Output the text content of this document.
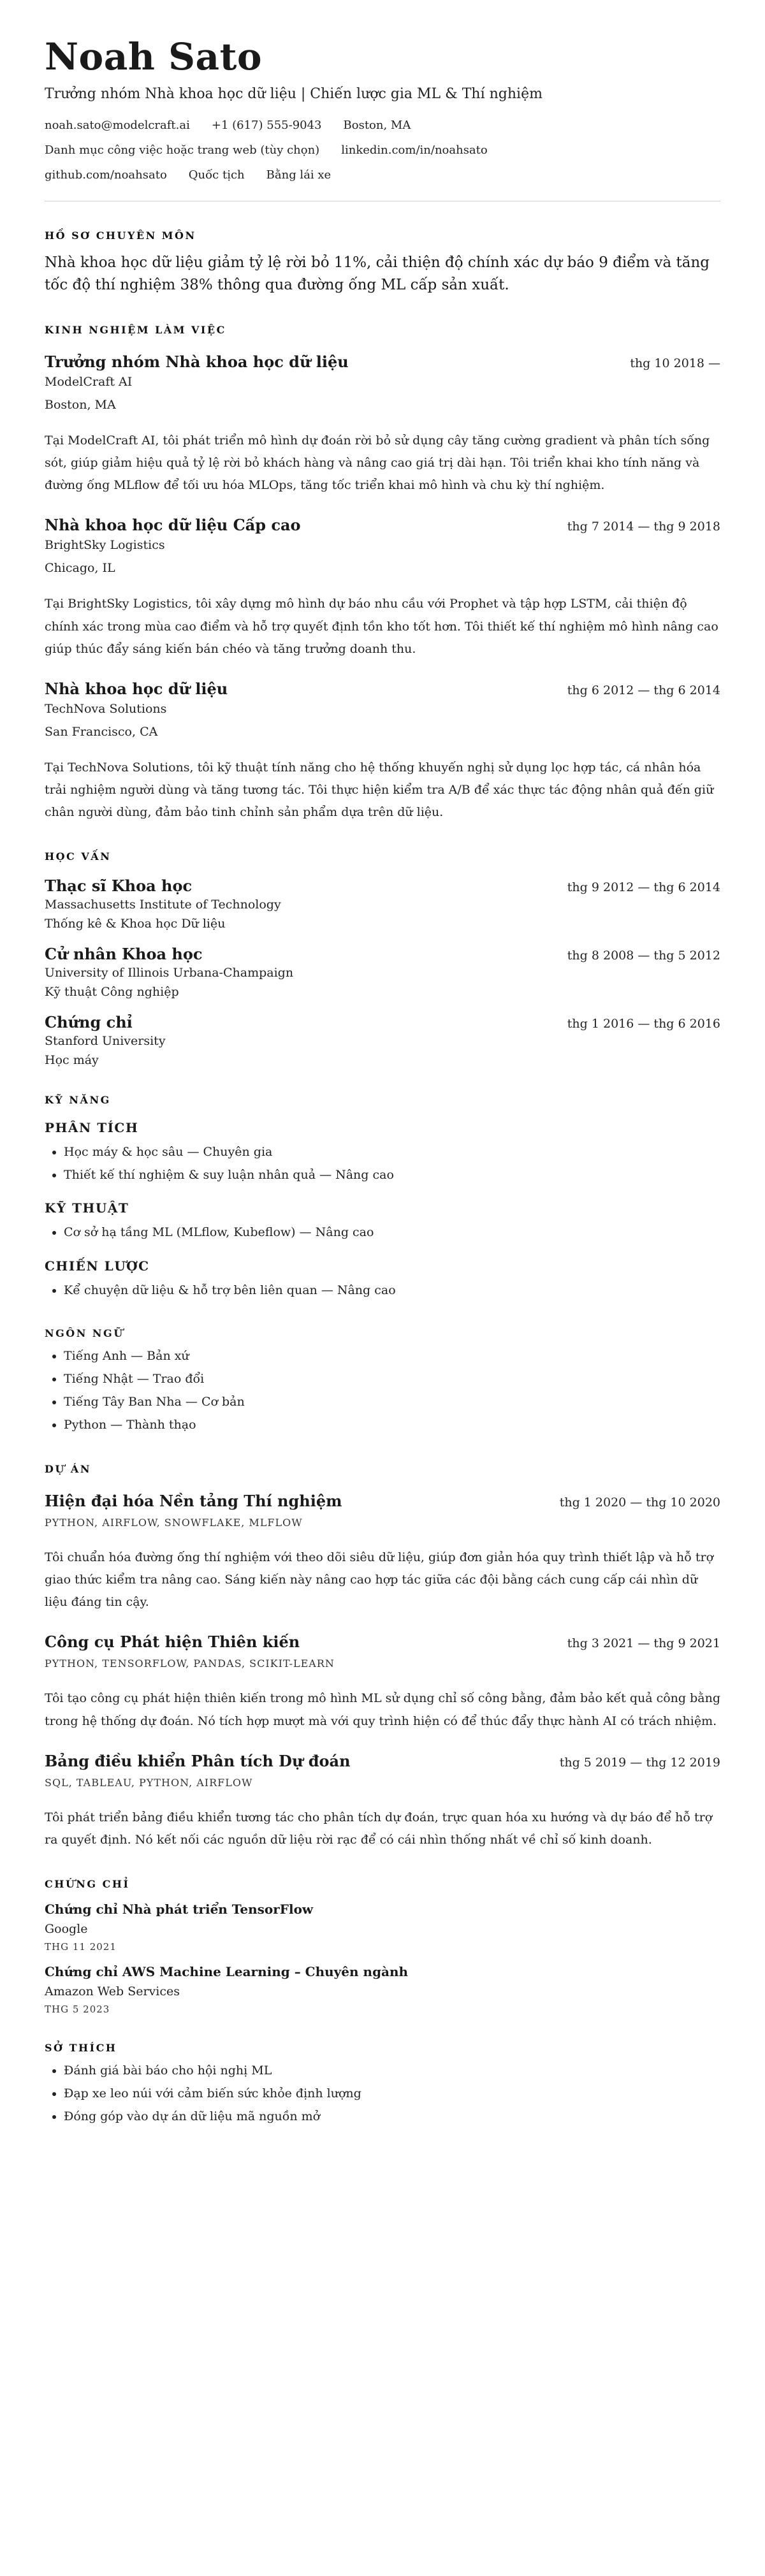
Noah Sato
Trưởng nhóm Nhà khoa học dữ liệu | Chiến lược gia ML & Thí nghiệm
noah.sato@modelcraft.ai +1 (617) 555-9043 Boston, MA
Danh mục công việc hoặc trang web (tùy chọn) linkedin.com/in/noahsato
github.com/noahsato Quốc tịch Bằng lái xe
HỒ SƠ CHUYÊN MÔN

Nhà khoa học dữ liệu giảm tỷ lệ rời bỏ 11%, cải thiện độ chính xác dự báo 9 điểm và tăng tốc độ thí nghiệm 38% thông qua đường ống ML cấp sản xuất.

KINH NGHIỆM LÀM VIỆC
Trưởng nhóm Nhà khoa học dữ liệu	thg 10 2018 —
ModelCraft AI
Boston, MA

Tại ModelCraft AI, tôi phát triển mô hình dự đoán rời bỏ sử dụng cây tăng cường gradient và phân tích sống sót, giúp giảm hiệu quả tỷ lệ rời bỏ khách hàng và nâng cao giá trị dài hạn. Tôi triển khai kho tính năng và đường ống MLflow để tối ưu hóa MLOps, tăng tốc triển khai mô hình và chu kỳ thí nghiệm.

Nhà khoa học dữ liệu Cấp cao	thg 7 2014 — thg 9 2018
BrightSky Logistics
Chicago, IL

Tại BrightSky Logistics, tôi xây dựng mô hình dự báo nhu cầu với Prophet và tập hợp LSTM, cải thiện độ chính xác trong mùa cao điểm và hỗ trợ quyết định tồn kho tốt hơn. Tôi thiết kế thí nghiệm mô hình nâng cao giúp thúc đẩy sáng kiến bán chéo và tăng trưởng doanh thu.

Nhà khoa học dữ liệu	thg 6 2012 — thg 6 2014
TechNova Solutions
San Francisco, CA

Tại TechNova Solutions, tôi kỹ thuật tính năng cho hệ thống khuyến nghị sử dụng lọc hợp tác, cá nhân hóa trải nghiệm người dùng và tăng tương tác. Tôi thực hiện kiểm tra A/B để xác thực tác động nhân quả đến giữ chân người dùng, đảm bảo tinh chỉnh sản phẩm dựa trên dữ liệu.

HỌC VẤN
Thạc sĩ Khoa học	thg 9 2012 — thg 6 2014
Massachusetts Institute of Technology
Thống kê & Khoa học Dữ liệu
Cử nhân Khoa học	thg 8 2008 — thg 5 2012
University of Illinois Urbana-Champaign
Kỹ thuật Công nghiệp
Chứng chỉ	thg 1 2016 — thg 6 2016
Stanford University
Học máy
KỸ NĂNG
PHÂN TÍCH
• Học máy & học sâu — Chuyên gia
• Thiết kế thí nghiệm & suy luận nhân quả — Nâng cao
KỸ THUẬT
• Cơ sở hạ tầng ML (MLflow, Kubeflow) — Nâng cao
CHIẾN LƯỢC
• Kể chuyện dữ liệu & hỗ trợ bên liên quan — Nâng cao
NGÔN NGỮ
• Tiếng Anh — Bản xứ
• Tiếng Nhật — Trao đổi
• Tiếng Tây Ban Nha — Cơ bản
• Python — Thành thạo
DỰ ÁN
Hiện đại hóa Nền tảng Thí nghiệm	thg 1 2020 — thg 10 2020
PYTHON, AIRFLOW, SNOWFLAKE, MLFLOW

Tôi chuẩn hóa đường ống thí nghiệm với theo dõi siêu dữ liệu, giúp đơn giản hóa quy trình thiết lập và hỗ trợ giao thức kiểm tra nâng cao. Sáng kiến này nâng cao hợp tác giữa các đội bằng cách cung cấp cái nhìn dữ liệu đáng tin cậy.

Công cụ Phát hiện Thiên kiến	thg 3 2021 — thg 9 2021
PYTHON, TENSORFLOW, PANDAS, SCIKIT-LEARN

Tôi tạo công cụ phát hiện thiên kiến trong mô hình ML sử dụng chỉ số công bằng, đảm bảo kết quả công bằng trong hệ thống dự đoán. Nó tích hợp mượt mà với quy trình hiện có để thúc đẩy thực hành AI có trách nhiệm.

Bảng điều khiển Phân tích Dự đoán	thg 5 2019 — thg 12 2019
SQL, TABLEAU, PYTHON, AIRFLOW

Tôi phát triển bảng điều khiển tương tác cho phân tích dự đoán, trực quan hóa xu hướng và dự báo để hỗ trợ ra quyết định. Nó kết nối các nguồn dữ liệu rời rạc để có cái nhìn thống nhất về chỉ số kinh doanh.

CHỨNG CHỈ
Chứng chỉ Nhà phát triển TensorFlow
Google
THG 11 2021
Chứng chỉ AWS Machine Learning – Chuyên ngành
Amazon Web Services
THG 5 2023
SỞ THÍCH
• Đánh giá bài báo cho hội nghị ML
• Đạp xe leo núi với cảm biến sức khỏe định lượng
• Đóng góp vào dự án dữ liệu mã nguồn mở
